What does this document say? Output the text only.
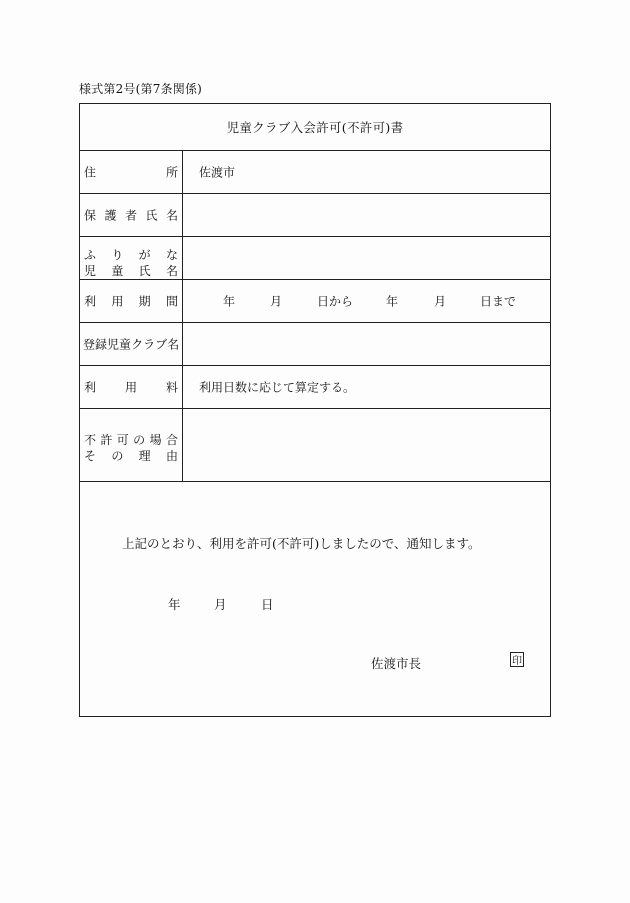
様式第2号(第7条関係)
児童クラブ入会許可(不許可)書
住	所 佐渡市
保 護 者 氏 名
ふ り が な
児 童 氏 名
利 用 期 間	年	月	日から	年	月	日まで
登 録 児 童 ク ラ ブ 名
利 用 料 利用日数に応じて算定する。
不 許 可 の 場 合
そ の 理 由
上記のとおり、利用を許可(不許可)しましたので、通知します。
年	月	日
佐渡市長	印
